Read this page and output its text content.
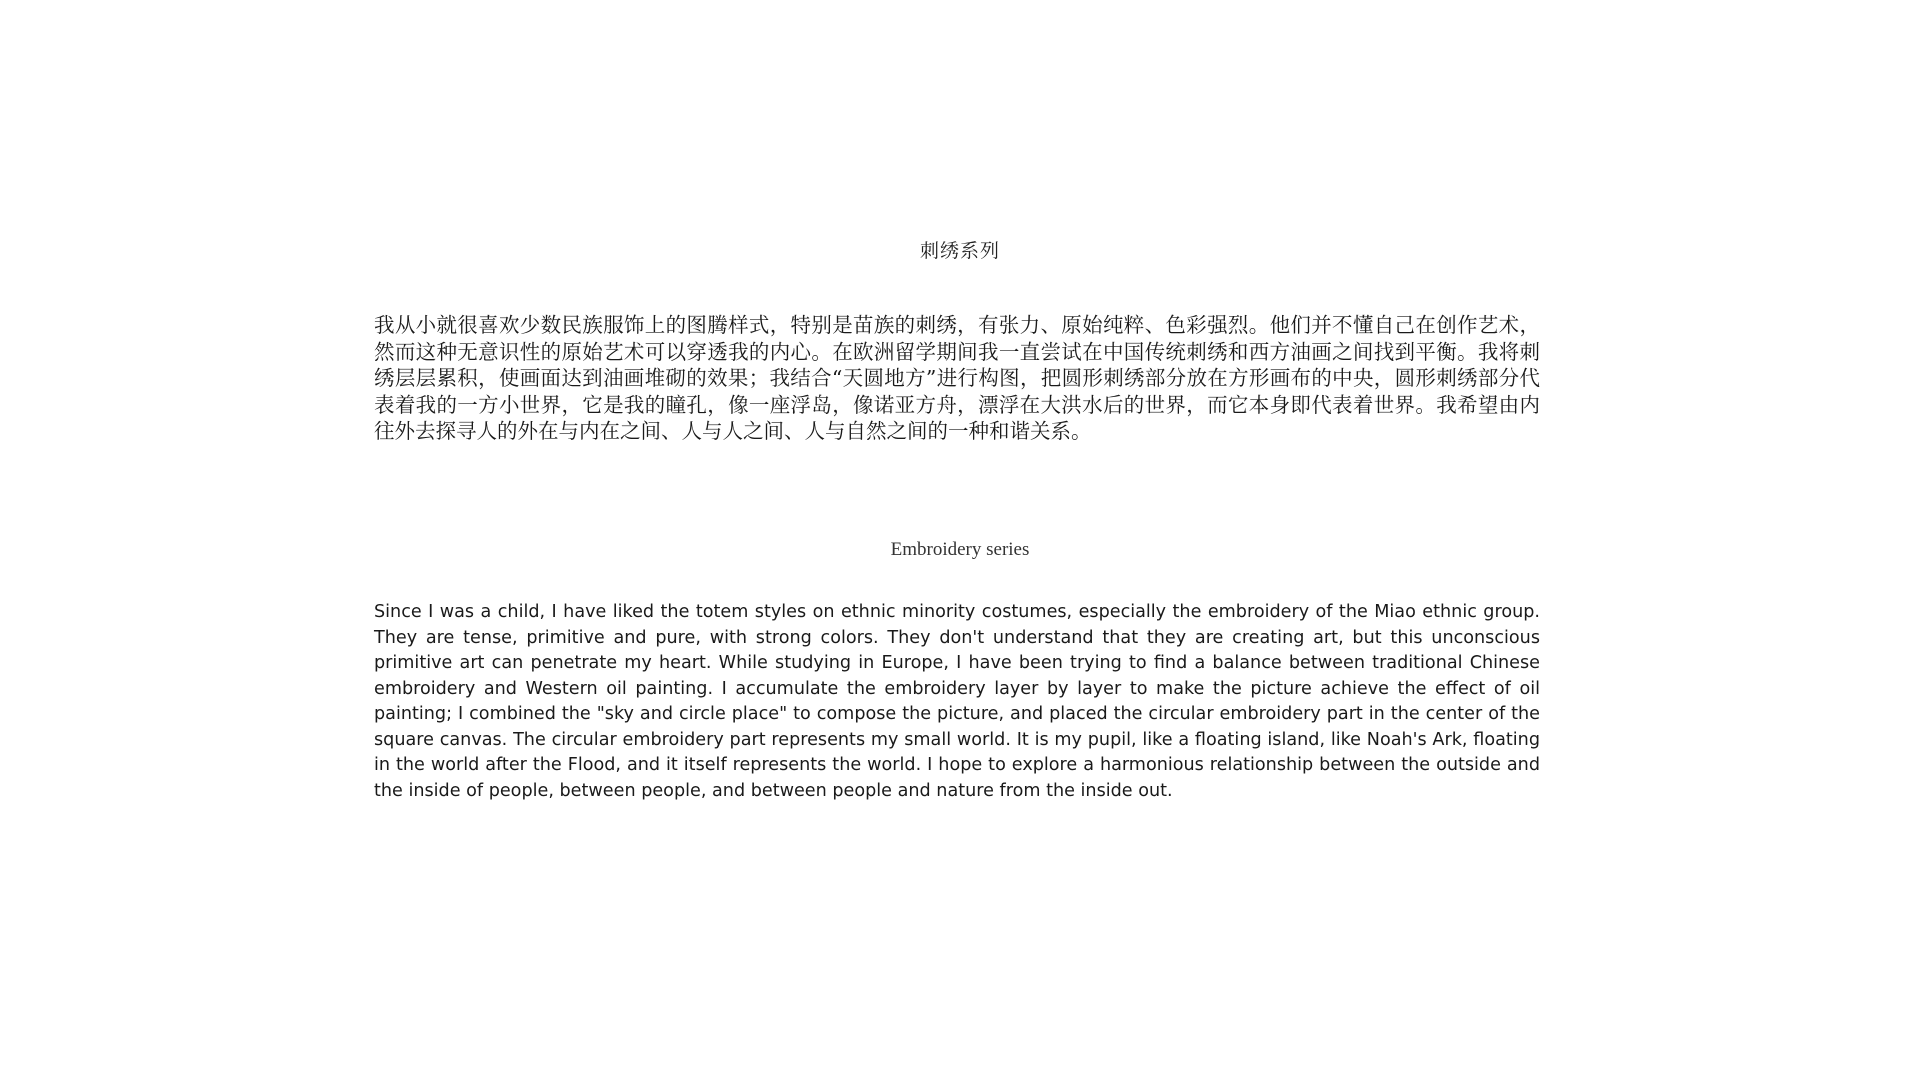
刺绣系列

我从小就很喜欢少数民族服饰上的图腾样式，特别是苗族的刺绣，有张力、原始纯粹、色彩强烈。他们并不懂自己在创作艺术，然而这种无意识性的原始艺术可以穿透我的内心。在欧洲留学期间我一直尝试在中国传统刺绣和西方油画之间找到平衡。我将刺绣层层累积，使画面达到油画堆砌的效果；我结合“天圆地方”进行构图，把圆形刺绣部分放在方形画布的中央，圆形刺绣部分代表着我的一方小世界，它是我的瞳孔，像一座浮岛，像诺亚方舟，漂浮在大洪水后的世界，而它本身即代表着世界。我希望由内往外去探寻人的外在与内在之间、人与人之间、人与自然之间的一种和谐关系。

Embroidery series

Since I was a child, I have liked the totem styles on ethnic minority costumes, especially the embroidery of the Miao ethnic group. They are tense, primitive and pure, with strong colors. They don't understand that they are creating art, but this unconscious primitive art can penetrate my heart. While studying in Europe, I have been trying to find a balance between traditional Chinese embroidery and Western oil painting. I accumulate the embroidery layer by layer to make the picture achieve the effect of oil painting; I combined the "sky and circle place" to compose the picture, and placed the circular embroidery part in the center of the square canvas. The circular embroidery part represents my small world. It is my pupil, like a floating island, like Noah's Ark, floating in the world after the Flood, and it itself represents the world. I hope to explore a harmonious relationship between the outside and the inside of people, between people, and between people and nature from the inside out.
